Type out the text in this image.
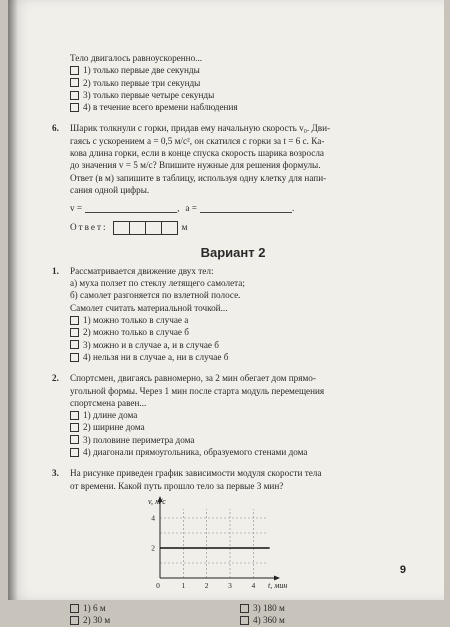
Тело двигалось равноускоренно...
1) только первые две секунды
2) только первые три секунды
3) только первые четыре секунды
4) в течение всего времени наблюдения
6.	Шарик толкнули с горки, придав ему начальную скорость v₀. Дви-
гаясь с ускорением a = 0,5 м/с², он скатился с горки за t = 6 с. Ка-
кова длина горки, если в конце спуска скорость шарика возросла
до значения v = 5 м/с? Впишите нужные для решения формулы.
Ответ (в м) запишите в таблицу, используя одну клетку для напи-
сания одной цифры.
v =	, a =	.
Ответ:	м
Вариант 2
1.	Рассматривается движение двух тел:
а) муха ползет по стеклу летящего самолета;
б) самолет разгоняется по взлетной полосе.
Самолет считать материальной точкой...
1) можно только в случае а
2) можно только в случае б
3) можно и в случае а, и в случае б
4) нельзя ни в случае а, ни в случае б
2.	Спортсмен, двигаясь равномерно, за 2 мин обегает дом прямо-
угольной формы. Через 1 мин после старта модуль перемещения
спортсмена равен...
1) длине дома
2) ширине дома
3) половине периметра дома
4) диагонали прямоугольника, образуемого стенами дома
3.	На рисунке приведен график зависимости модуля скорости тела
от времени. Какой путь прошло тело за первые 3 мин?
0	1	2	3	4
2
4
t, мин
v, м/с
1) 6 м	3) 180 м
2) 30 м	4) 360 м
9
